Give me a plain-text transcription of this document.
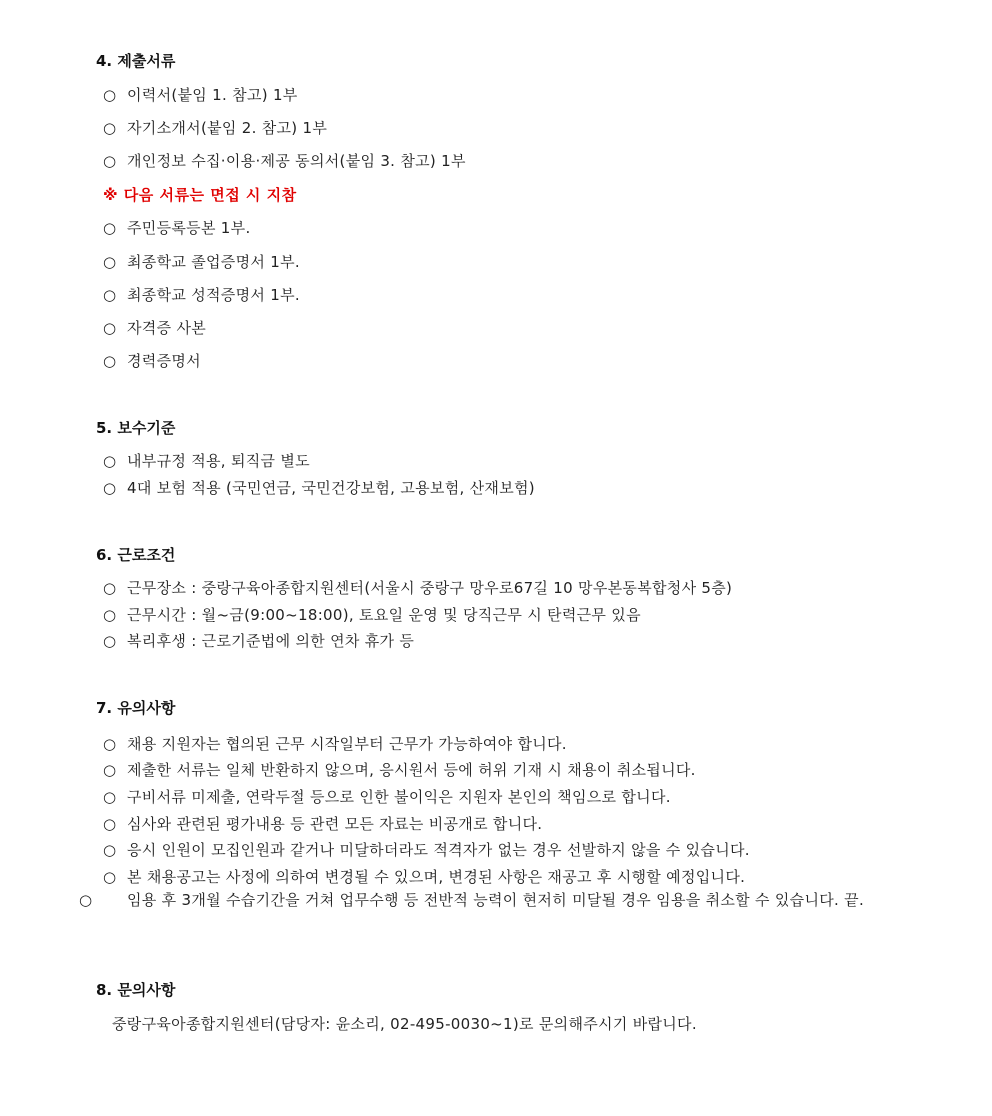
4. 제출서류
○ 이력서(붙임 1. 참고) 1부
○ 자기소개서(붙임 2. 참고) 1부
○ 개인정보 수집·이용·제공 동의서(붙임 3. 참고) 1부
※ 다음 서류는 면접 시 지참
○ 주민등록등본 1부.
○ 최종학교 졸업증명서 1부.
○ 최종학교 성적증명서 1부.
○ 자격증 사본
○ 경력증명서
5. 보수기준
○ 내부규정 적용, 퇴직금 별도
○ 4대 보험 적용 (국민연금, 국민건강보험, 고용보험, 산재보험)
6. 근로조건
○ 근무장소 : 중랑구육아종합지원센터(서울시 중랑구 망우로67길 10 망우본동복합청사 5층)
○ 근무시간 : 월~금(9:00~18:00), 토요일 운영 및 당직근무 시 탄력근무 있음
○ 복리후생 : 근로기준법에 의한 연차 휴가 등
7. 유의사항
○ 채용 지원자는 협의된 근무 시작일부터 근무가 가능하여야 합니다.
○ 제출한 서류는 일체 반환하지 않으며, 응시원서 등에 허위 기재 시 채용이 취소됩니다.
○ 구비서류 미제출, 연락두절 등으로 인한 불이익은 지원자 본인의 책임으로 합니다.
○ 심사와 관련된 평가내용 등 관련 모든 자료는 비공개로 합니다.
○ 응시 인원이 모집인원과 같거나 미달하더라도 적격자가 없는 경우 선발하지 않을 수 있습니다.
○ 본 채용공고는 사정에 의하여 변경될 수 있으며, 변경된 사항은 재공고 후 시행할 예정입니다.
○ 임용 후 3개월 수습기간을 거쳐 업무수행 등 전반적 능력이 현저히 미달될 경우 임용을 취소할 수 있습니다. 끝.
8. 문의사항
중랑구육아종합지원센터(담당자: 윤소리, 02-495-0030~1)로 문의해주시기 바랍니다.
